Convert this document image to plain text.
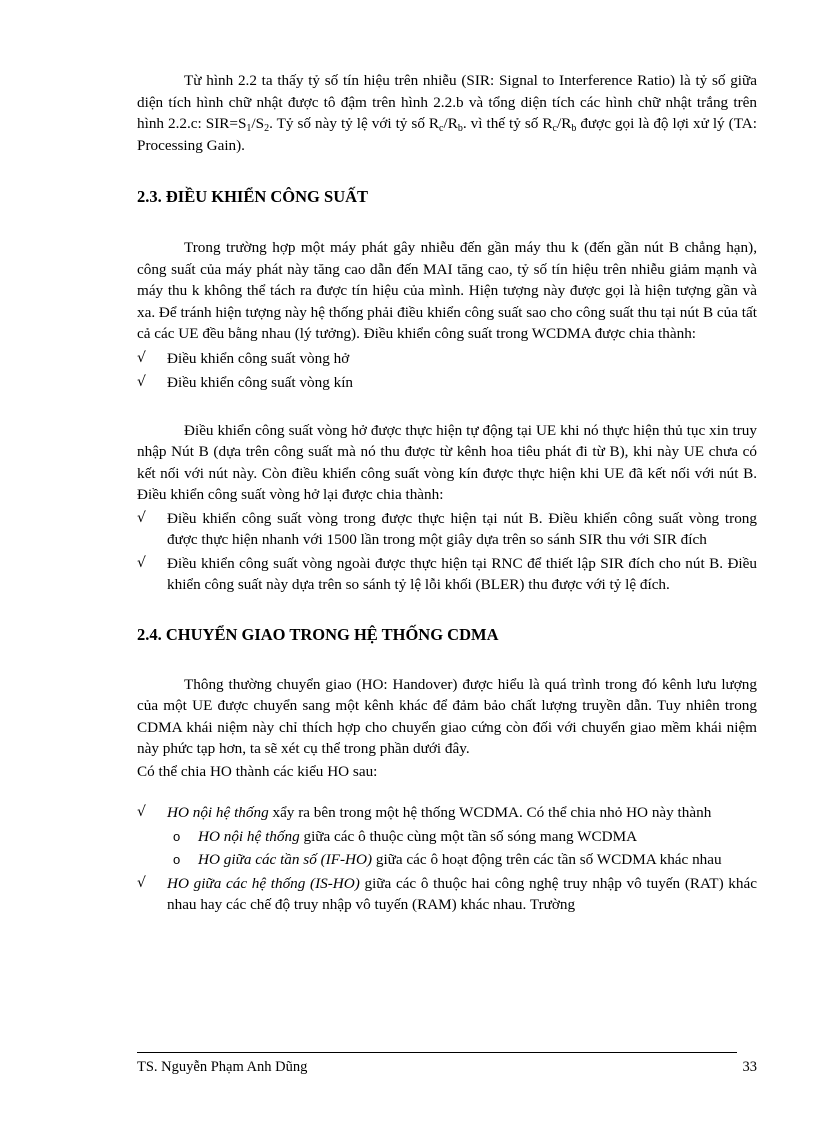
Từ hình 2.2 ta thấy tỷ số tín hiệu trên nhiễu (SIR: Signal to Interference Ratio) là tỷ số giữa diện tích hình chữ nhật được tô đậm trên hình 2.2.b và tổng diện tích các hình chữ nhật trắng trên hình 2.2.c: $SIR=S_1/S_2$. Tỷ số này tỷ lệ với tỷ số $R_c/R_b$. vì thế tỷ số $R_c/R_b$ được gọi là độ lợi xử lý (TA: Processing Gain).

2.3. ĐIỀU KHIỂN CÔNG SUẤT

Trong trường hợp một máy phát gây nhiễu đến gần máy thu k (đến gần nút B chẳng hạn), công suất của máy phát này tăng cao dẫn đến MAI tăng cao, tỷ số tín hiệu trên nhiễu giảm mạnh và máy thu k không thể tách ra được tín hiệu của mình. Hiện tượng này được gọi là hiện tượng gần và xa. Để tránh hiện tượng này hệ thống phải điều khiển công suất sao cho công suất thu tại nút B của tất cả các UE đều bằng nhau (lý tưởng). Điều khiển công suất trong WCDMA được chia thành:

√ Điều khiển công suất vòng hở
√ Điều khiển công suất vòng kín

Điều khiển công suất vòng hở được thực hiện tự động tại UE khi nó thực hiện thủ tục xin truy nhập Nút B (dựa trên công suất mà nó thu được từ kênh hoa tiêu phát đi từ B), khi này UE chưa có kết nối với nút này. Còn điều khiển công suất vòng kín được thực hiện khi UE đã kết nối với nút B. Điều khiển công suất vòng hở lại được chia thành:

√ Điều khiển công suất vòng trong được thực hiện tại nút B. Điều khiển công suất vòng trong được thực hiện nhanh với 1500 lần trong một giây dựa trên so sánh SIR thu với SIR đích
√ Điều khiển công suất vòng ngoài được thực hiện tại RNC để thiết lập SIR đích cho nút B. Điều khiển công suất này dựa trên so sánh tỷ lệ lỗi khối (BLER) thu được với tỷ lệ đích.
2.4. CHUYỂN GIAO TRONG HỆ THỐNG CDMA

Thông thường chuyển giao (HO: Handover) được hiểu là quá trình trong đó kênh lưu lượng của một UE được chuyển sang một kênh khác để đảm bảo chất lượng truyền dẫn. Tuy nhiên trong CDMA khái niệm này chỉ thích hợp cho chuyển giao cứng còn đối với chuyển giao mềm khái niệm này phức tạp hơn, ta sẽ xét cụ thể trong phần dưới đây.

Có thể chia HO thành các kiểu HO sau:

√ HO nội hệ thống xẩy ra bên trong một hệ thống WCDMA. Có thể chia nhỏ HO này thành
o HO nội hệ thống giữa các ô thuộc cùng một tần số sóng mang WCDMA
o HO giữa các tần số (IF-HO) giữa các ô hoạt động trên các tần số WCDMA khác nhau
√ HO giữa các hệ thống (IS-HO) giữa các ô thuộc hai công nghệ truy nhập vô tuyến (RAT) khác nhau hay các chế độ truy nhập vô tuyến (RAM) khác nhau. Trường
TS. Nguyễn Phạm Anh Dũng	33
